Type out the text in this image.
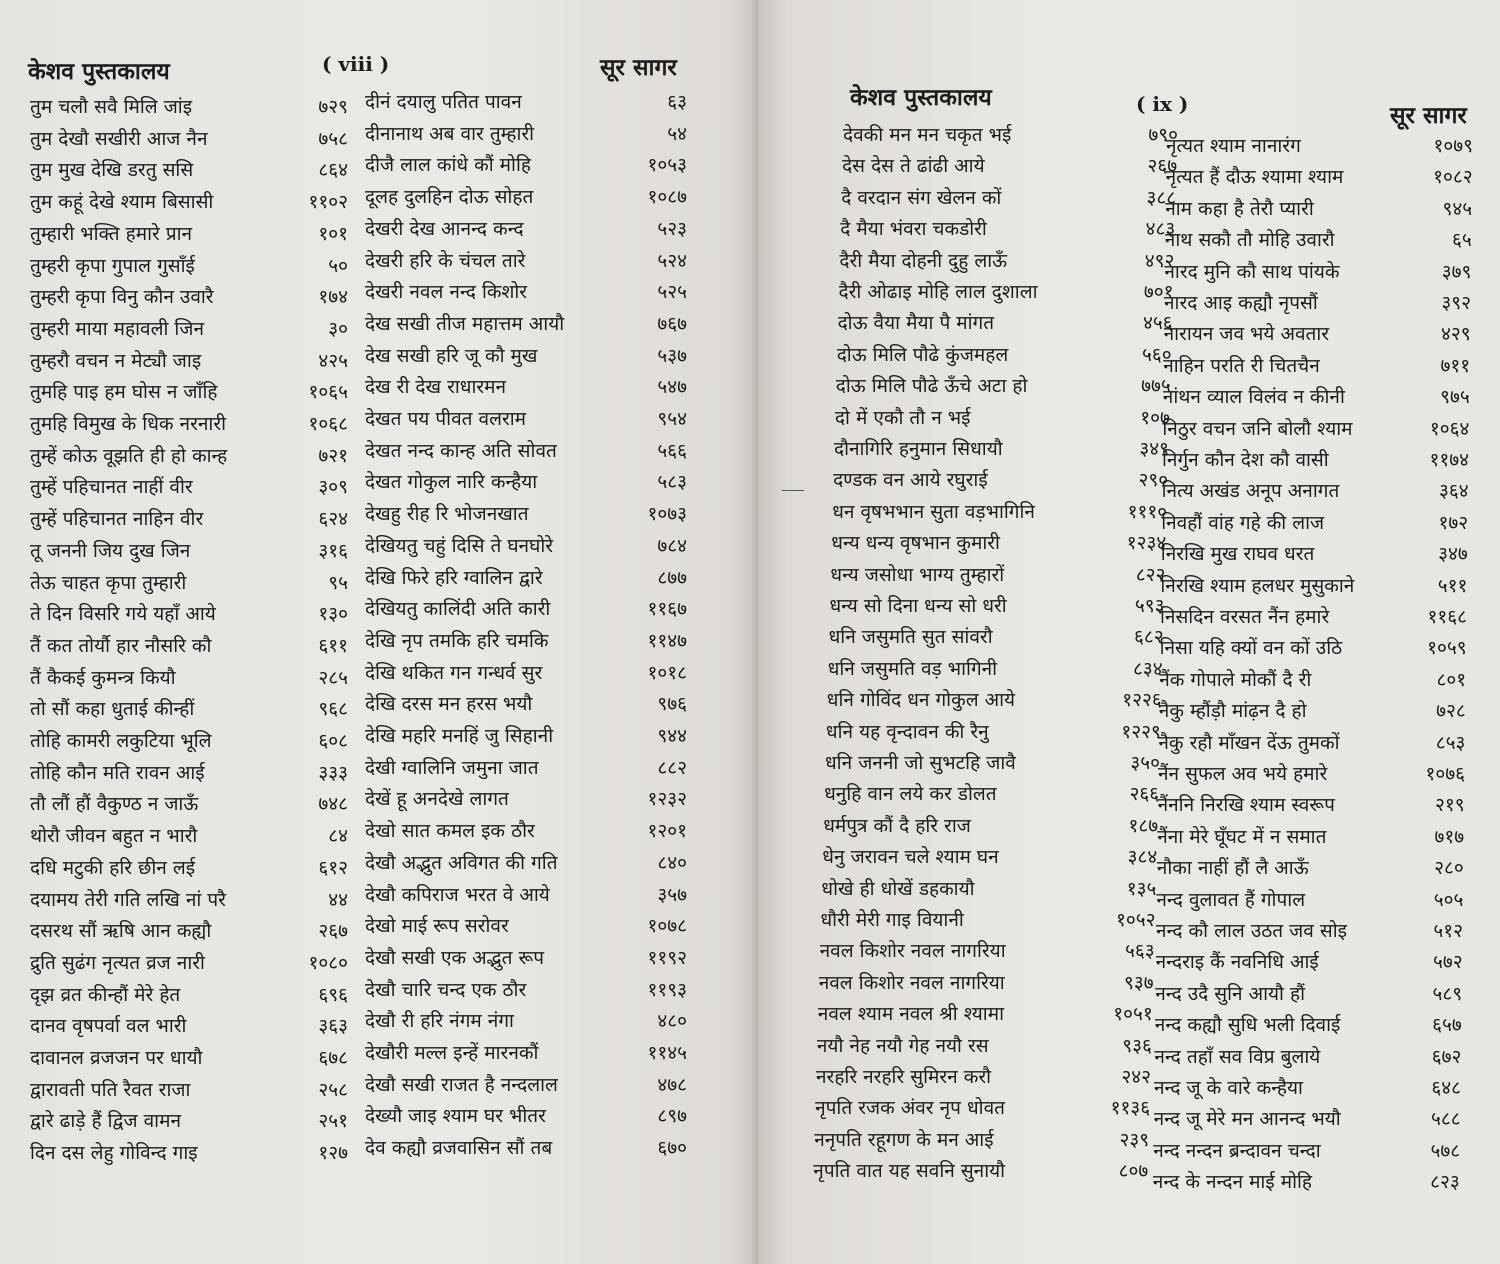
केशव पुस्तकालय	( viii )	सूर सागर
तुम चलौ सवै मिलि जांइ	७२९
तुम देखौ सखीरी आज नैन	७५८
तुम मुख देखि डरतु ससि	८६४
तुम कहूं देखे श्याम बिसासी	११०२
तुम्हारी भक्ति हमारे प्रान	१०१
तुम्हरी कृपा गुपाल गुसाँई	५०
तुम्हरी कृपा विनु कौन उवारै	१७४
तुम्हरी माया महावली जिन	३०
तुम्हरौ वचन न मेट्यौ जाइ	४२५
तुमहि पाइ हम घोस न जाँहि	१०६५
तुमहि विमुख के धिक नरनारी	१०६८
तुम्हें कोऊ वूझति ही हो कान्ह	७२१
तुम्हें पहिचानत नाहीं वीर	३०९
तुम्हें पहिचानत नाहिन वीर	६२४
तू जननी जिय दुख जिन	३१६
तेऊ चाहत कृपा तुम्हारी	९५
ते दिन विसरि गये यहाँ आये	१३०
तैं कत तोर्यौ हार नौसरि कौ	६११
तैं कैकई कुमन्त्र कियौ	२८५
तो सौं कहा धुताई कीन्हीं	९६८
तोहि कामरी लकुटिया भूलि	६०८
तोहि कौन मति रावन आई	३३३
तौ लौं हौं वैकुण्ठ न जाऊँ	७४८
थोरौ जीवन बहुत न भारौ	८४
दधि मटुकी हरि छीन लई	६१२
दयामय तेरी गति लखि नां परै	४४
दसरथ सौं ऋषि आन कह्यौ	२६७
द्रुति सुढंग नृत्यत व्रज नारी	१०८०
दृझ व्रत कीन्हौं मेरे हेत	६९६
दानव वृषपर्वा वल भारी	३६३
दावानल व्रजजन पर धायौ	६७८
द्वारावती पति रैवत राजा	२५८
द्वारे ढाड़े हैं द्विज वामन	२५१
दिन दस लेहु गोविन्द गाइ	१२७
दीनं दयालु पतित पावन	६३
दीनानाथ अब वार तुम्हारी	५४
दीजै लाल कांधे कौं मोहि	१०५३
दूलह दुलहिन दोऊ सोहत	१०८७
देखरी देख आनन्द कन्द	५२३
देखरी हरि के चंचल तारे	५२४
देखरी नवल नन्द किशोर	५२५
देख सखी तीज महात्तम आयौ	७६७
देख सखी हरि जू कौ मुख	५३७
देख री देख राधारमन	५४७
देखत पय पीवत वलराम	९५४
देखत नन्द कान्ह अति सोवत	५६६
देखत गोकुल नारि कन्हैया	५८३
देखहु रीह रि भोजनखात	१०७३
देखियतु चहुं दिसि ते घनघोरे	७८४
देखि फिरे हरि ग्वालिन द्वारे	८७७
देखियतु कालिंदी अति कारी	११६७
देखि नृप तमकि हरि चमकि	११४७
देखि थकित गन गन्धर्व सुर	१०१८
देखि दरस मन हरस भयौ	९७६
देखि महरि मनहिं जु सिहानी	९४४
देखी ग्वालिनि जमुना जात	८८२
देखें हू अनदेखे लागत	१२३२
देखो सात कमल इक ठौर	१२०१
देखौ अद्भुत अविगत की गति	८४०
देखौ कपिराज भरत वे आये	३५७
देखो माई रूप सरोवर	१०७८
देखौ सखी एक अद्भुत रूप	११९२
देखौ चारि चन्द एक ठौर	११९३
देखौ री हरि नंगम नंगा	४८०
देखौरी मल्ल इन्हें मारनकौं	११४५
देखौ सखी राजत है नन्दलाल	४७८
देख्यौ जाइ श्याम घर भीतर	८९७
देव कह्यौ व्रजवासिन सौं तब	६७०
केशव पुस्तकालय	( ix )	सूर सागर
देवकी मन मन चकृत भई	७९०
देस देस ते ढांढी आये	२६७
दै वरदान संग खेलन कों	३८८
दै मैया भंवरा चकडोरी	४८३
दैरी मैया दोहनी दुहु लाऊँ	४९२
दैरी ओढाइ मोहि लाल दुशाला	७०१
दोऊ वैया मैया पै मांगत	४५६
दोऊ मिलि पौढे कुंजमहल	५६०
दोऊ मिलि पौढे ऊँचे अटा हो	७७५
दो में एकौ तौ न भई	१०७
दौनागिरि हनुमान सिधायौ	३४९
दण्डक वन आये रघुराई	२९०
धन वृषभभान सुता वड़भागिनि	१११०
धन्य धन्य वृषभान कुमारी	१२३४
धन्य जसोधा भाग्य तुम्हारों	८२२
धन्य सो दिना धन्य सो धरी	५९३
धनि जसुमति सुत सांवरौ	६८२
धनि जसुमति वड़ भागिनी	८३४
धनि गोविंद धन गोकुल आये	१२२६
धनि यह वृन्दावन की रैनु	१२२९
धनि जननी जो सुभटहि जावै	३५०
धनुहि वान लये कर डोलत	२६६
धर्मपुत्र कौं दै हरि राज	१८७
धेनु जरावन चले श्याम घन	३८४
धोखे ही धोखें डहकायौ	१३५
धौरी मेरी गाइ वियानी	१०५२
नवल किशोर नवल नागरिया	५६३
नवल किशोर नवल नागरिया	९३७
नवल श्याम नवल श्री श्यामा	१०५१
नयौ नेह नयौ गेह नयौ रस	९३६
नरहरि नरहरि सुमिरन करौ	२४२
नृपति रजक अंवर नृप धोवत	११३६
ननृपति रहूगण के मन आई	२३९
नृपति वात यह सवनि सुनायौ	८०७
नृत्यत श्याम नानारंग	१०७९
नृत्यत हैं दौऊ श्यामा श्याम	१०८२
नाम कहा है तेरौ प्यारी	९४५
नाथ सकौ तौ मोहि उवारौ	६५
नारद मुनि कौ साथ पांयके	३७९
नारद आइ कह्यौ नृपसौं	३९२
नारायन जव भये अवतार	४२९
नाहिन परति री चितचैन	७११
नांथन व्याल विलंव न कीनी	९७५
निठुर वचन जनि बोलौ श्याम	१०६४
निर्गुन कौन देश कौ वासी	११७४
नित्य अखंड अनूप अनागत	३६४
निवहौं वांह गहे की लाज	१७२
निरखि मुख राघव धरत	३४७
निरखि श्याम हलधर मुसुकाने	५११
निसदिन वरसत नैंन हमारे	११६८
निसा यहि क्यों वन कों उठि	१०५९
नैंक गोपाले मोकौं दै री	८०१
नैकु म्हौंड़ौ मांढ़न दै हो	७२८
नैकु रहौ माँखन देंऊ तुमकों	८५३
नैंन सुफल अव भये हमारे	१०७६
नैंननि निरखि श्याम स्वरूप	२१९
नैंना मेरे घूँघट में न समात	७१७
नौका नाहीं हौं लै आऊँ	२८०
नन्द वुलावत हैं गोपाल	५०५
नन्द कौ लाल उठत जव सोइ	५१२
नन्दराइ कैं नवनिधि आई	५७२
नन्द उदै सुनि आयौ हौं	५८९
नन्द कह्यौ सुधि भली दिवाई	६५७
नन्द तहाँ सव विप्र बुलाये	६७२
नन्द जू के वारे कन्हैया	६४८
नन्द जू मेरे मन आनन्द भयौ	५८८
नन्द नन्दन ब्रन्दावन चन्दा	५७८
नन्द के नन्दन माई मोहि	८२३
